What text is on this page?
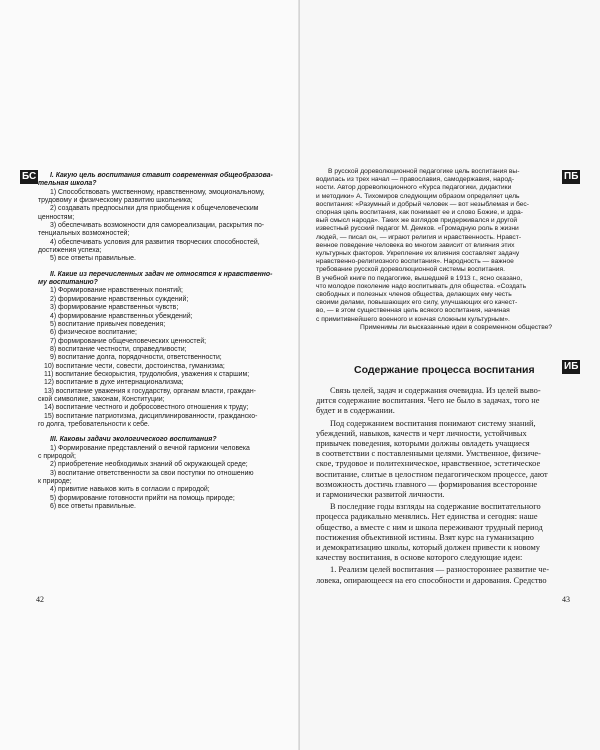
БС	I. Какую цель воспитания ставит современная общеобразова-

тельная школа?

1) Способствовать умственному, нравственному, эмоциональному,

трудовому и физическому развитию школьника;

2) создавать предпосылки для приобщения к общечеловеческим

ценностям;

3) обеспечивать возможности для самореализации, раскрытия по-

тенциальных возможностей;

4) обеспечивать условия для развития творческих способностей,

достижения успеха;

5) все ответы правильные.

II. Какие из перечисленных задач не относятся к нравственно-

му воспитанию?

1) Формирование нравственных понятий;

2) формирование нравственных суждений;

3) формирование нравственных чувств;

4) формирование нравственных убеждений;

5) воспитание привычек поведения;

6) физическое воспитание;

7) формирование общечеловеческих ценностей;

8) воспитание честности, справедливости;

9) воспитание долга, порядочности, ответственности;

10) воспитание чести, совести, достоинства, гуманизма;

11) воспитание бескорыстия, трудолюбия, уважения к старшим;

12) воспитание в духе интернационализма;

13) воспитание уважения к государству, органам власти, граждан-

ской символике, законам, Конституции;

14) воспитание честного и добросовестного отношения к труду;

15) воспитание патриотизма, дисциплинированности, гражданско-

го долга, требовательности к себе.

III. Каковы задачи экологического воспитания?

1) Формирование представлений о вечной гармонии человека

с природой;

2) приобретение необходимых знаний об окружающей среде;

3) воспитание ответственности за свои поступки по отношению

к природе;

4) привитие навыков жить в согласии с природой;

5) формирование готовности прийти на помощь природе;

6) все ответы правильные.

42
ПБ

В русской дореволюционной педагогике цель воспитания вы-

водилась из трех начал — православия, самодержавия, народ-

ности. Автор дореволюционного «Курса педагогики, дидактики

и методики» А. Тихомиров следующим образом определяет цель

воспитания: «Разумный и добрый человек — вот незыблемая и бес-

спорная цель воспитания, как понимает ее и слово Божие, и здра-

вый смысл народа». Таких же взглядов придерживался и другой

известный русский педагог М. Демков. «Громадную роль в жизни

людей, — писал он, — играют религия и нравственность. Нравст-

венное поведение человека во многом зависит от влияния этих

культурных факторов. Укрепление их влияния составляет задачу

нравственно-религиозного воспитания». Народность — важное

требование русской дореволюционной системы воспитания.

В учебной книге по педагогике, вышедшей в 1913 г., ясно сказано,

что молодое поколение надо воспитывать для общества. «Создать

свободных и полезных членов общества, делающих ему честь

своими делами, повышающих его силу, улучшающих его качест-

во, — в этом существенная цель всякого воспитания, начиная

с примитивнейшего военного и кончая сложным культурным».

Применимы ли высказанные идеи в современном обществе?

Содержание процесса воспитания	ИБ

Связь целей, задач и содержания очевидна. Из целей выво-

дится содержание воспитания. Чего не было в задачах, того не

будет и в содержании.

Под содержанием воспитания понимают систему знаний,

убеждений, навыков, качеств и черт личности, устойчивых

привычек поведения, которыми должны овладеть учащиеся

в соответствии с поставленными целями. Умственное, физиче-

ское, трудовое и политехническое, нравственное, эстетическое

воспитание, слитые в целостном педагогическом процессе, дают

возможность достичь главного — формирования всесторонне

и гармонически развитой личности.

В последние годы взгляды на содержание воспитательного

процесса радикально менялись. Нет единства и сегодня: наше

общество, а вместе с ним и школа переживают трудный период

постижения объективной истины. Взят курс на гуманизацию

и демократизацию школы, который должен привести к новому

качеству воспитания, в основе которого следующие идеи:

1. Реализм целей воспитания — разностороннее развитие че-

ловека, опирающееся на его способности и дарования. Средство

43
